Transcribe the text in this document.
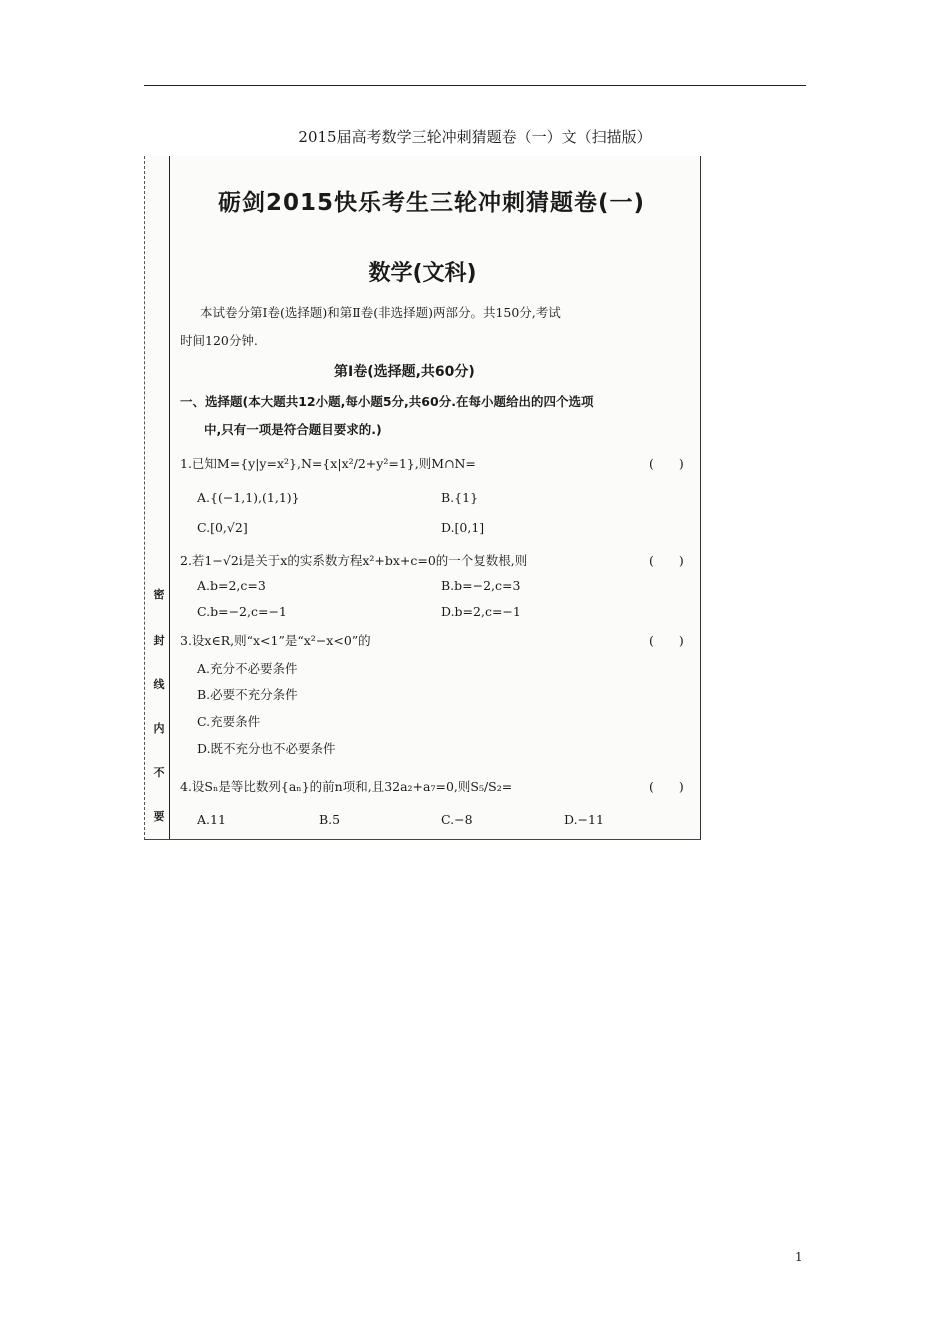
2015届高考数学三轮冲刺猜题卷（一）文（扫描版）
密
封
线
内
不
要
砺剑2015快乐考生三轮冲刺猜题卷(一)
数学(文科)
本试卷分第Ⅰ卷(选择题)和第Ⅱ卷(非选择题)两部分。共150分,考试
时间120分钟.
第Ⅰ卷(选择题,共60分)
一、选择题(本大题共12小题,每小题5分,共60分.在每小题给出的四个选项
中,只有一项是符合题目要求的.)
1.已知M={y|y=x²},N={x|x²/2+y²=1},则M∩N=	(　　)
A.{(−1,1),(1,1)}	B.{1}
C.[0,√2]	D.[0,1]
2.若1−√2i是关于x的实系数方程x²+bx+c=0的一个复数根,则	(　　)
A.b=2,c=3	B.b=−2,c=3
C.b=−2,c=−1	D.b=2,c=−1
3.设x∈R,则“x<1”是“x²−x<0”的	(　　)
A.充分不必要条件
B.必要不充分条件
C.充要条件
D.既不充分也不必要条件
4.设Sₙ是等比数列{aₙ}的前n项和,且32a₂+a₇=0,则S₅/S₂=	(　　)
A.11	B.5	C.−8	D.−11
1
